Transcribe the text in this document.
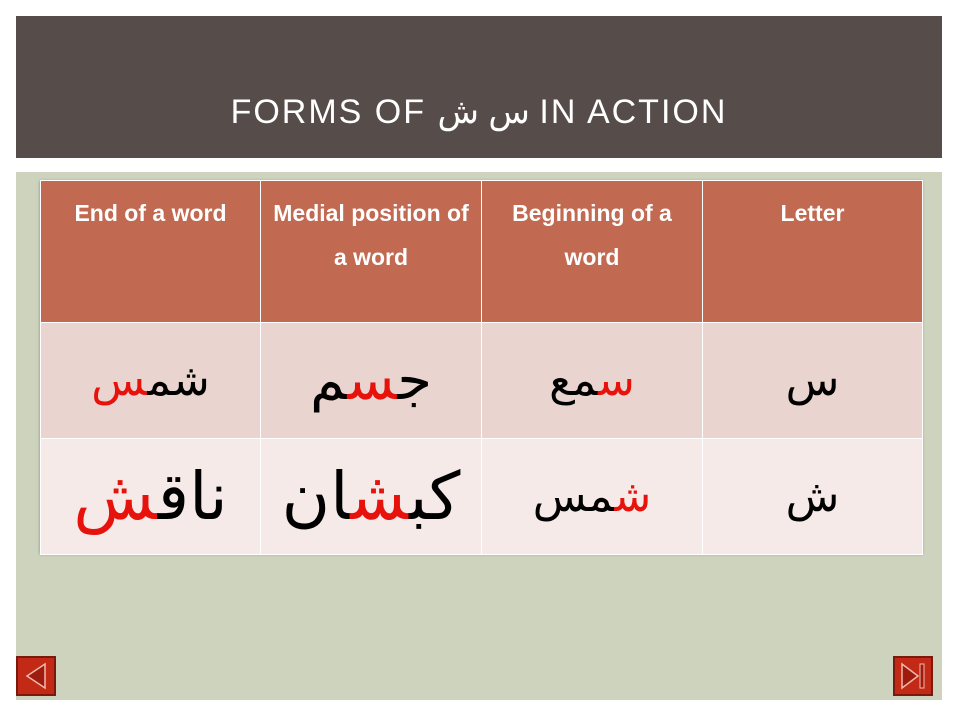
FORMS OF س ش IN ACTION
End of a word	Medial position of a word	Beginning of a word	Letter
شمس	جسم	سمع	س
ناقش	كبشان	شمس	ش
